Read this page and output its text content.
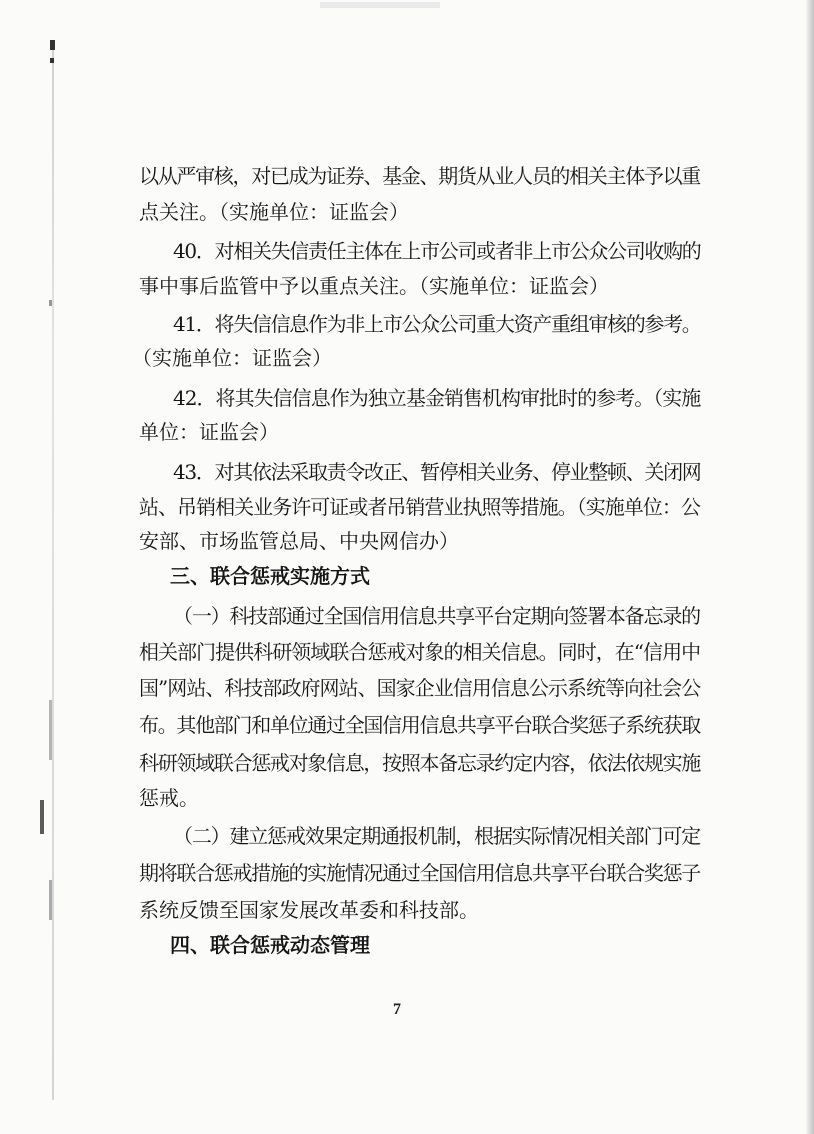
以从严审核，对已成为证券、基金、期货从业人员的相关主体予以重
点关注。（实施单位：证监会）
40．对相关失信责任主体在上市公司或者非上市公众公司收购的
事中事后监管中予以重点关注。（实施单位：证监会）
41．将失信信息作为非上市公众公司重大资产重组审核的参考。
（实施单位：证监会）
42．将其失信信息作为独立基金销售机构审批时的参考。（实施
单位：证监会）
43．对其依法采取责令改正、暂停相关业务、停业整顿、关闭网
站、吊销相关业务许可证或者吊销营业执照等措施。（实施单位：公
安部、市场监管总局、中央网信办）
三、联合惩戒实施方式
（一）科技部通过全国信用信息共享平台定期向签署本备忘录的
相关部门提供科研领域联合惩戒对象的相关信息。同时，在“信用中
国”网站、科技部政府网站、国家企业信用信息公示系统等向社会公
布。其他部门和单位通过全国信用信息共享平台联合奖惩子系统获取
科研领域联合惩戒对象信息，按照本备忘录约定内容，依法依规实施
惩戒。
（二）建立惩戒效果定期通报机制，根据实际情况相关部门可定
期将联合惩戒措施的实施情况通过全国信用信息共享平台联合奖惩子
系统反馈至国家发展改革委和科技部。
四、联合惩戒动态管理
7
